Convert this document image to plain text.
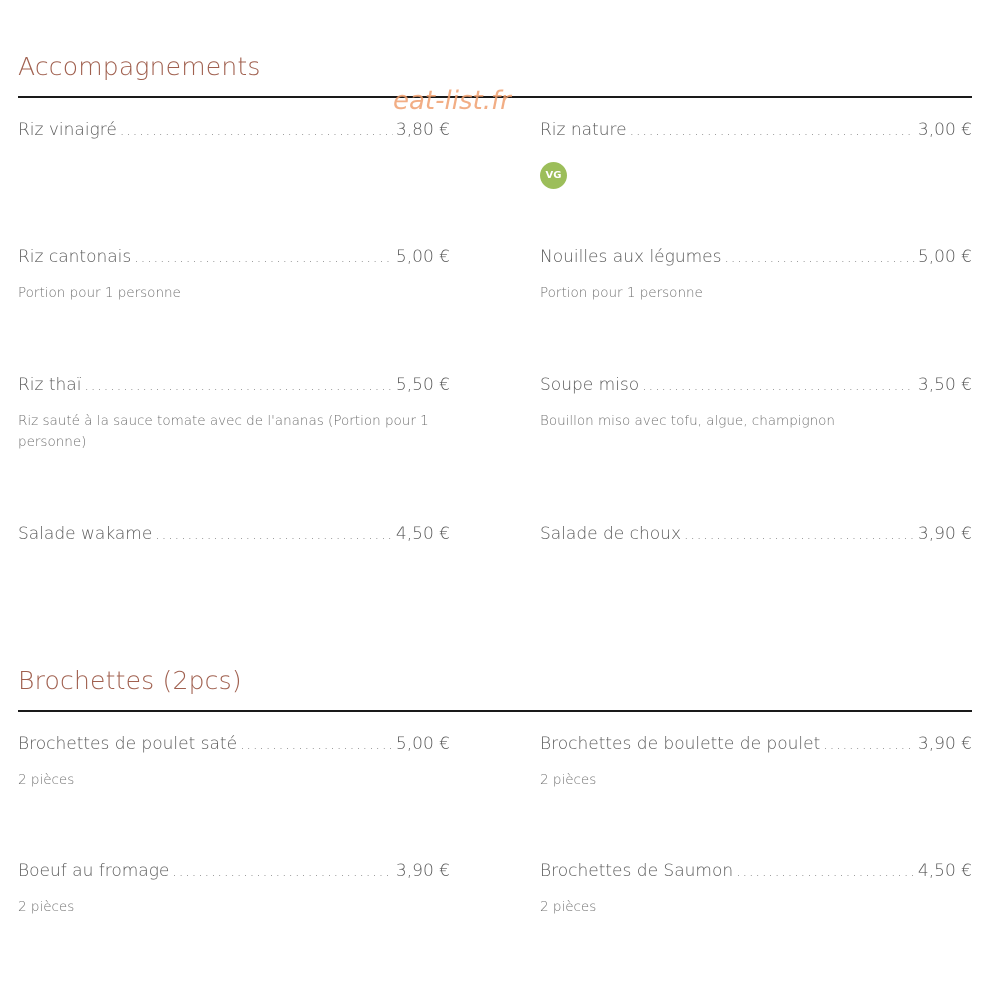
Accompagnements
Riz vinaigré .....	3,80 €	Riz nature .....	3,00 €
VG
Riz cantonais .....	5,00 €
Portion pour 1 personne
Nouilles aux légumes .....	5,00 €
Portion pour 1 personne
Riz thaï .....	5,50 €
Riz sauté à la sauce tomate avec de l'ananas (Portion pour 1 personne)
Soupe miso .....	3,50 €
Bouillon miso avec tofu, algue, champignon
Salade wakame .....	4,50 €	Salade de choux .....	3,90 €
Brochettes (2pcs)
Brochettes de poulet saté .....	5,00 €
2 pièces
Brochettes de boulette de poulet .....	3,90 €
2 pièces
Boeuf au fromage .....	3,90 €
2 pièces
Brochettes de Saumon .....	4,50 €
2 pièces
eat-list.fr
